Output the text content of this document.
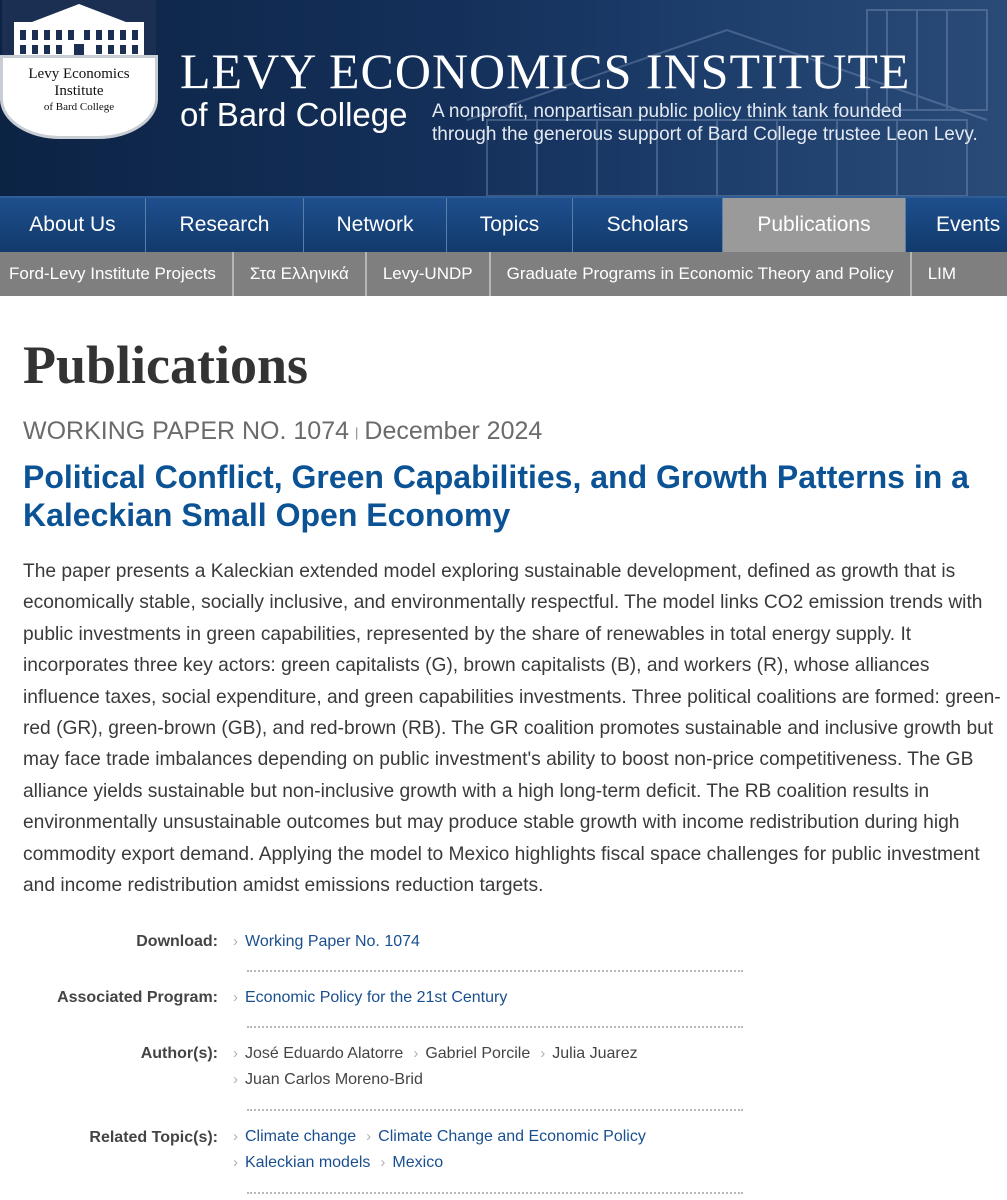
Levy Economics
Institute
of Bard College
LEVY ECONOMICS INSTITUTE
of Bard College A nonprofit, nonpartisan public policy think tank founded
through the generous support of Bard College trustee Leon Levy.
About Us	Research	Network	Topics	Scholars	Publications	Events
Ford-Levy Institute Projects	Στα Ελληνικά	Levy-UNDP	Graduate Programs in Economic Theory and Policy	LIM
Publications
WORKING PAPER NO. 1074 | December 2024
Political Conflict, Green Capabilities, and Growth Patterns in a Kaleckian Small Open Economy

The paper presents a Kaleckian extended model exploring sustainable development, defined as growth that is economically stable, socially inclusive, and environmentally respectful. The model links CO2 emission trends with public investments in green capabilities, represented by the share of renewables in total energy supply. It incorporates three key actors: green capitalists (G), brown capitalists (B), and workers (R), whose alliances influence taxes, social expenditure, and green capabilities investments. Three political coalitions are formed: green-red (GR), green-brown (GB), and red-brown (RB). The GR coalition promotes sustainable and inclusive growth but may face trade imbalances depending on public investment's ability to boost non-price competitiveness. The GB alliance yields sustainable but non-inclusive growth with a high long-term deficit. The RB coalition results in environmentally unsustainable outcomes but may produce stable growth with income redistribution during high commodity export demand. Applying the model to Mexico highlights fiscal space challenges for public investment and income redistribution amidst emissions reduction targets.

Download: › Working Paper No. 1074
Associated Program: › Economic Policy for the 21st Century
Author(s): › José Eduardo Alatorre › Gabriel Porcile › Julia Juarez
› Juan Carlos Moreno-Brid
Related Topic(s): › Climate change › Climate Change and Economic Policy
› Kaleckian models › Mexico
